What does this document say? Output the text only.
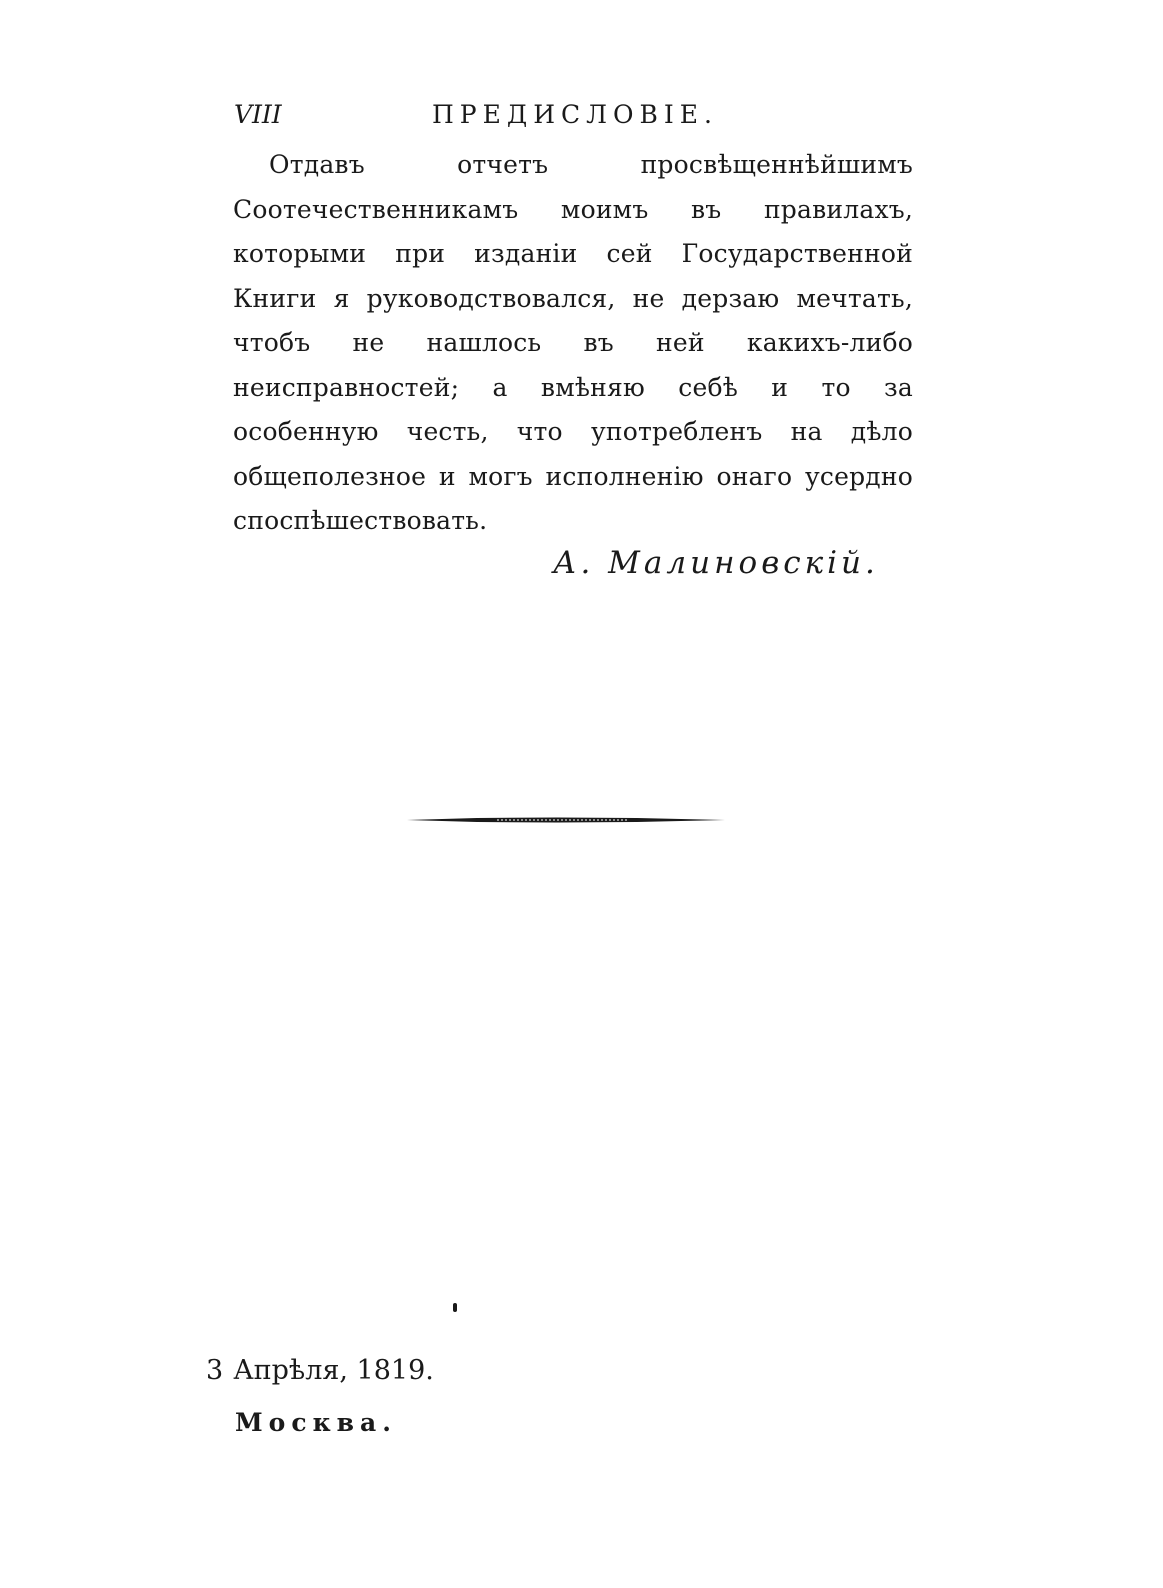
VIII	ПРЕДИСЛОВІЕ.

Отдавъ отчетъ просвѣщеннѣйшимъ Соотечественникамъ моимъ въ правилахъ, которыми при изданіи сей Государственной Книги я руководствовался, не дерзаю мечтать, чтобъ не нашлось въ ней какихъ-либо неисправностей; а вмѣняю себѣ и то за особенную честь, что употребленъ на дѣло общеполезное и могъ исполненію онаго усердно споспѣшествовать.

А. Малиновскій.
3 Апрѣля, 1819.
Москва.
